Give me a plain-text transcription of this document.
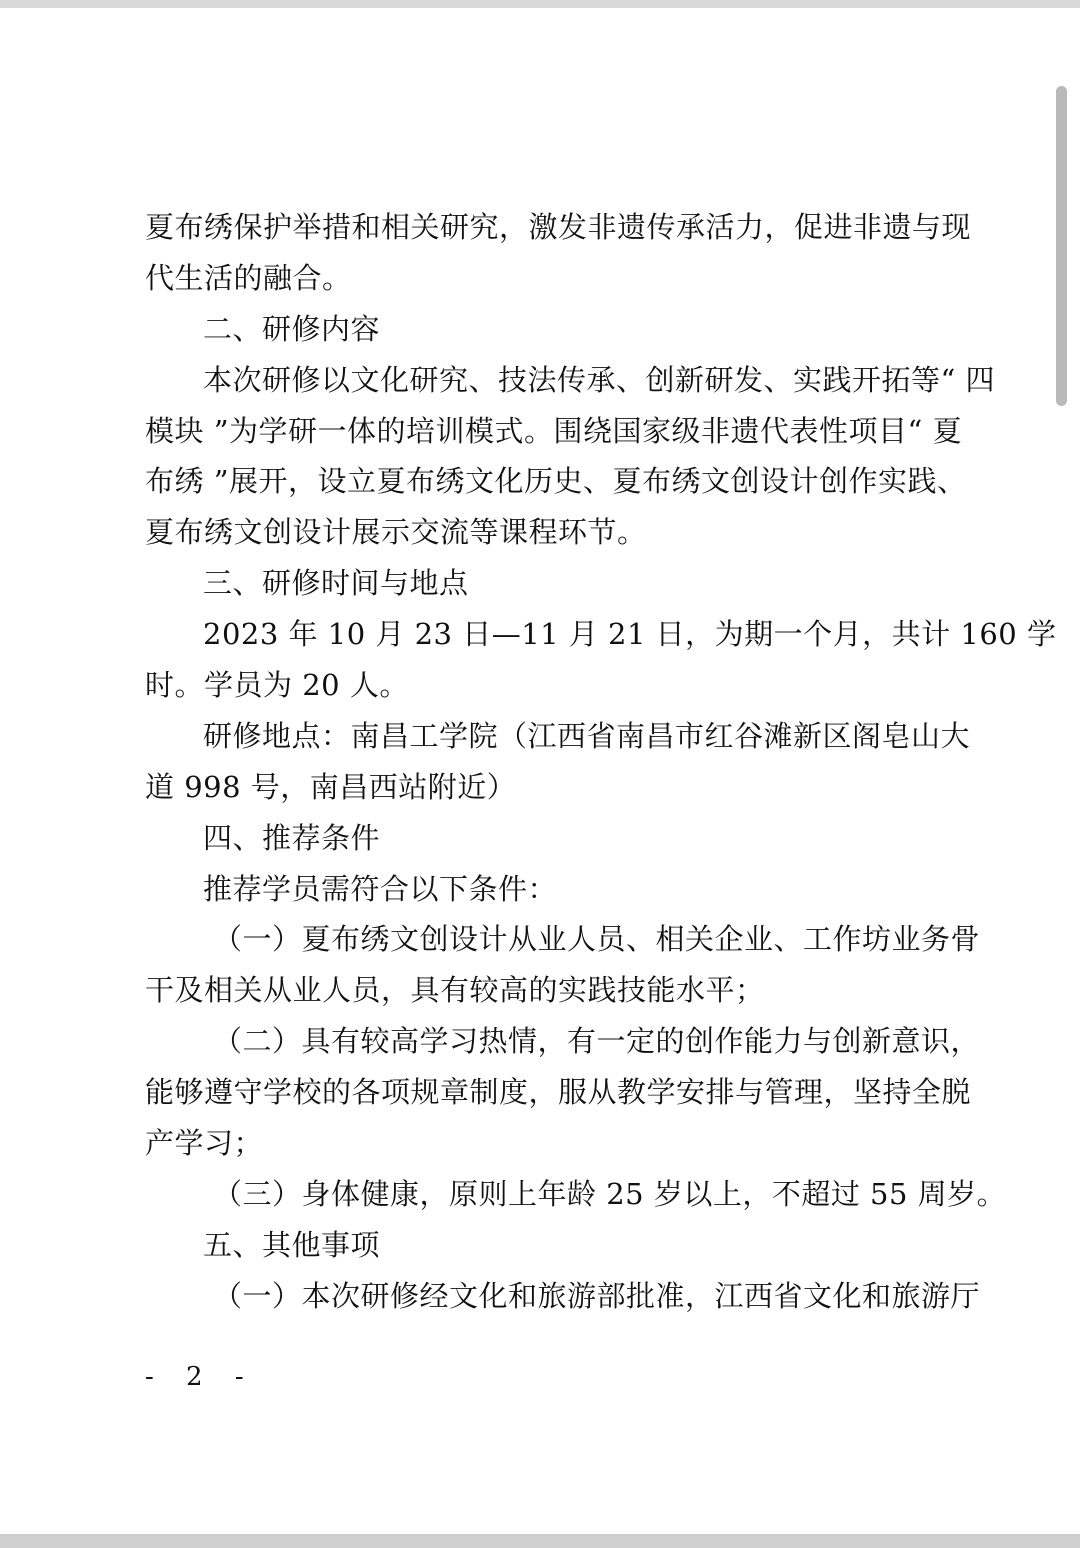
夏布绣保护举措和相关研究，激发非遗传承活力，促进非遗与现
代生活的融合。
二、研修内容
本次研修以文化研究、技法传承、创新研发、实践开拓等“ 四
模块 ”为学研一体的培训模式。围绕国家级非遗代表性项目“ 夏
布绣 ”展开，设立夏布绣文化历史、夏布绣文创设计创作实践、
夏布绣文创设计展示交流等课程环节。
三、研修时间与地点
2023 年 10 月 23 日—11 月 21 日，为期一个月，共计 160 学
时。学员为 20 人。
研修地点：南昌工学院（江西省南昌市红谷滩新区阁皂山大
道 998 号，南昌西站附近）
四、推荐条件
推荐学员需符合以下条件：
（一）夏布绣文创设计从业人员、相关企业、工作坊业务骨
干及相关从业人员，具有较高的实践技能水平；
（二）具有较高学习热情，有一定的创作能力与创新意识，
能够遵守学校的各项规章制度，服从教学安排与管理，坚持全脱
产学习；
（三）身体健康，原则上年龄 25 岁以上，不超过 55 周岁。
五、其他事项
（一）本次研修经文化和旅游部批准，江西省文化和旅游厅
- 2 -
